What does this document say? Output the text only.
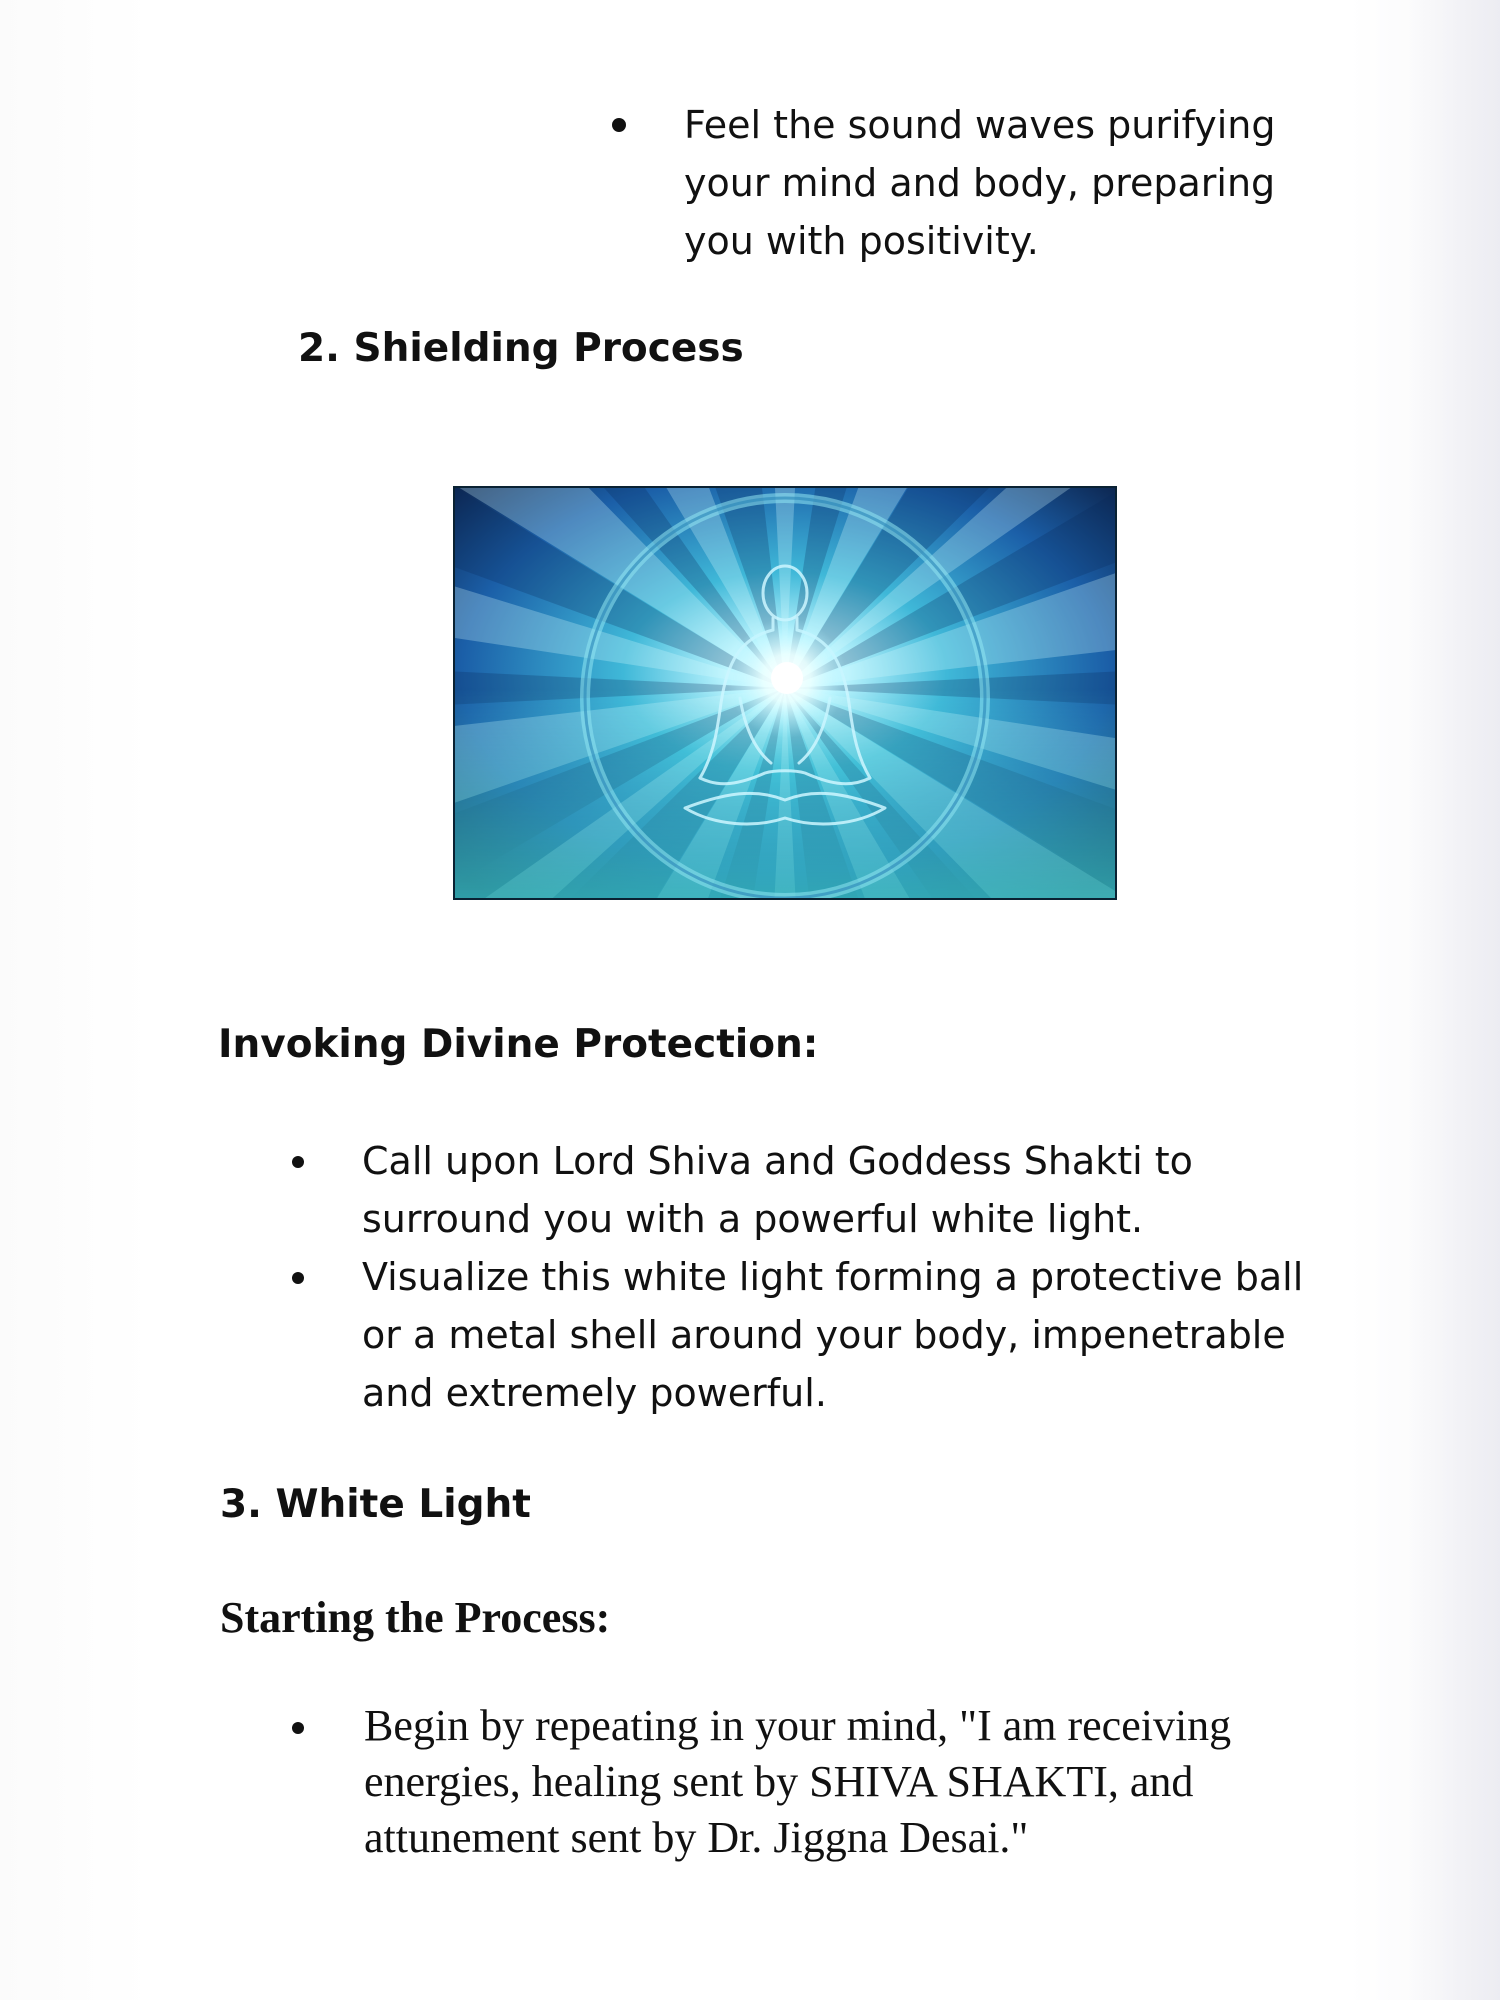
Feel the sound waves purifying your mind and body, preparing you with positivity.
2. Shielding Process
Invoking Divine Protection:
Call upon Lord Shiva and Goddess Shakti to surround you with a powerful white light.
Visualize this white light forming a protective ball or a metal shell around your body, impenetrable and extremely powerful.
3. White Light
Starting the Process:
Begin by repeating in your mind, "I am receiving energies, healing sent by SHIVA SHAKTI, and attunement sent by Dr. Jiggna Desai."
